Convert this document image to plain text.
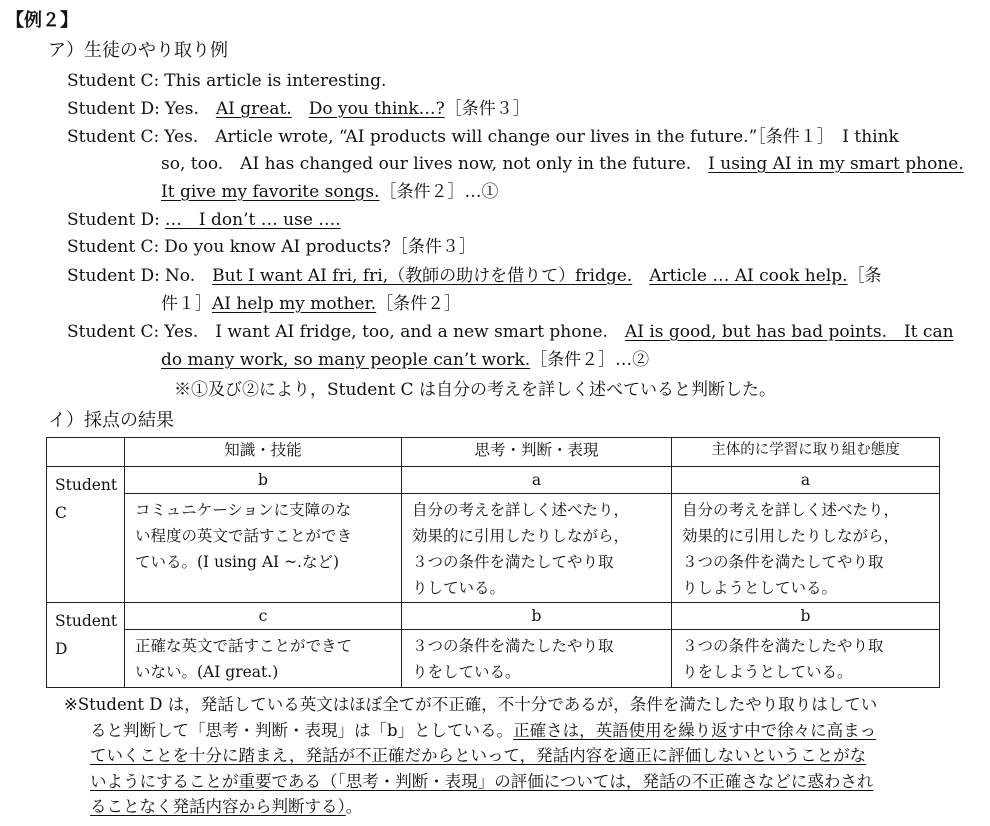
【例２】
ア）生徒のやり取り例
Student C: This article is interesting.
Student D: Yes.　AI great.　 Do you think…?［条件３］
Student C: Yes.　Article wrote, “AI products will change our lives in the future.”［条件１］　I think
so, too.　AI has changed our lives now, not only in the future.　I using AI in my smart phone.
It give my favorite songs.［条件２］…①
Student D: …　I don’t … use ….
Student C: Do you know AI products?［条件３］
Student D: No.　But I want AI fri, fri,（教師の助けを借りて）fridge.　 Article … AI cook help.［条
件１］AI help my mother.［条件２］
Student C: Yes.　I want AI fridge, too, and a new smart phone.　AI is good, but has bad points.　It can
do many work, so many people can’t work.［条件２］…②
※①及び②により，Student C は自分の考えを詳しく述べていると判断した。
イ）採点の結果
	知識・技能	思考・判断・表現	主体的に学習に取り組む態度
Student
C	b	a	a
	コミュニケーションに支障のな
い程度の英文で話すことができ
ている。(I using AI ~.など)	自分の考えを詳しく述べたり，
効果的に引用したりしながら，
３つの条件を満たしてやり取
りしている。	自分の考えを詳しく述べたり，
効果的に引用したりしながら，
３つの条件を満たしてやり取
りしようとしている。
Student
D	c	b	b
	正確な英文で話すことができて
いない。(AI great.)	３つの条件を満たしたやり取
りをしている。	３つの条件を満たしたやり取
りをしようとしている。
※Student D は，発話している英文はほぼ全てが不正確，不十分であるが，条件を満たしたやり取りはしてい
ると判断して「思考・判断・表現」は「b」としている。正確さは，英語使用を繰り返す中で徐々に高まっ
ていくことを十分に踏まえ，発話が不正確だからといって，発話内容を適正に評価しないということがな
いようにすることが重要である（「思考・判断・表現」の評価については，発話の不正確さなどに惑わされ
ることなく発話内容から判断する）。
